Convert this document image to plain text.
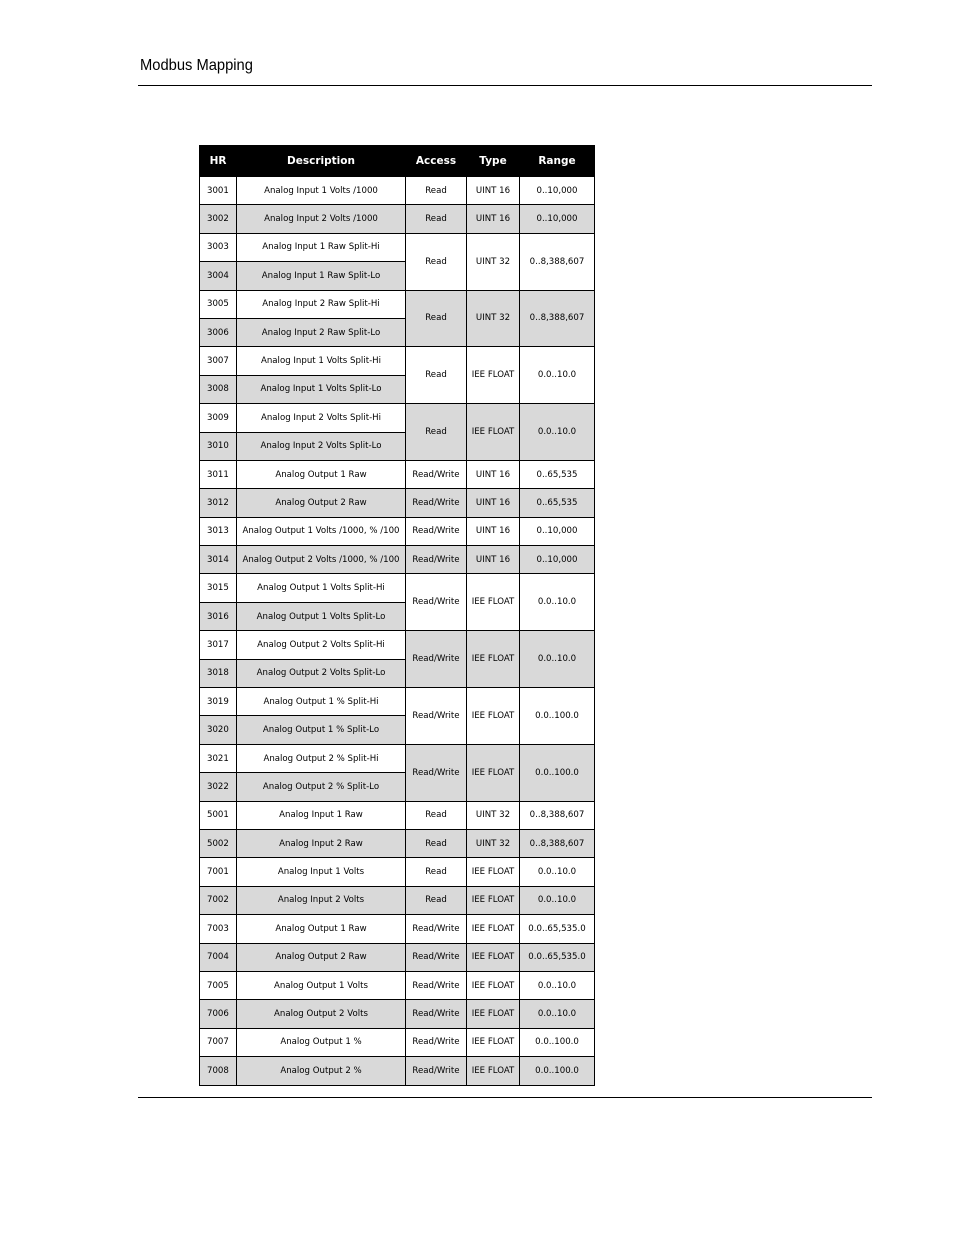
Modbus Mapping
HR	Description	Access	Type	Range
3001	Analog Input 1 Volts /1000	Read	UINT 16	0..10,000
3002	Analog Input 2 Volts /1000	Read	UINT 16	0..10,000
3003	Analog Input 1 Raw Split-Hi	Read	UINT 32	0..8,388,607
3004	Analog Input 1 Raw Split-Lo			
3005	Analog Input 2 Raw Split-Hi	Read	UINT 32	0..8,388,607
3006	Analog Input 2 Raw Split-Lo			
3007	Analog Input 1 Volts Split-Hi	Read	IEE FLOAT	0.0..10.0
3008	Analog Input 1 Volts Split-Lo			
3009	Analog Input 2 Volts Split-Hi	Read	IEE FLOAT	0.0..10.0
3010	Analog Input 2 Volts Split-Lo			
3011	Analog Output 1 Raw	Read/Write	UINT 16	0..65,535
3012	Analog Output 2 Raw	Read/Write	UINT 16	0..65,535
3013	Analog Output 1 Volts /1000, % /100	Read/Write	UINT 16	0..10,000
3014	Analog Output 2 Volts /1000, % /100	Read/Write	UINT 16	0..10,000
3015	Analog Output 1 Volts Split-Hi	Read/Write	IEE FLOAT	0.0..10.0
3016	Analog Output 1 Volts Split-Lo			
3017	Analog Output 2 Volts Split-Hi	Read/Write	IEE FLOAT	0.0..10.0
3018	Analog Output 2 Volts Split-Lo			
3019	Analog Output 1 % Split-Hi	Read/Write	IEE FLOAT	0.0..100.0
3020	Analog Output 1 % Split-Lo			
3021	Analog Output 2 % Split-Hi	Read/Write	IEE FLOAT	0.0..100.0
3022	Analog Output 2 % Split-Lo			
5001	Analog Input 1 Raw	Read	UINT 32	0..8,388,607
5002	Analog Input 2 Raw	Read	UINT 32	0..8,388,607
7001	Analog Input 1 Volts	Read	IEE FLOAT	0.0..10.0
7002	Analog Input 2 Volts	Read	IEE FLOAT	0.0..10.0
7003	Analog Output 1 Raw	Read/Write	IEE FLOAT	0.0..65,535.0
7004	Analog Output 2 Raw	Read/Write	IEE FLOAT	0.0..65,535.0
7005	Analog Output 1 Volts	Read/Write	IEE FLOAT	0.0..10.0
7006	Analog Output 2 Volts	Read/Write	IEE FLOAT	0.0..10.0
7007	Analog Output 1 %	Read/Write	IEE FLOAT	0.0..100.0
7008	Analog Output 2 %	Read/Write	IEE FLOAT	0.0..100.0
